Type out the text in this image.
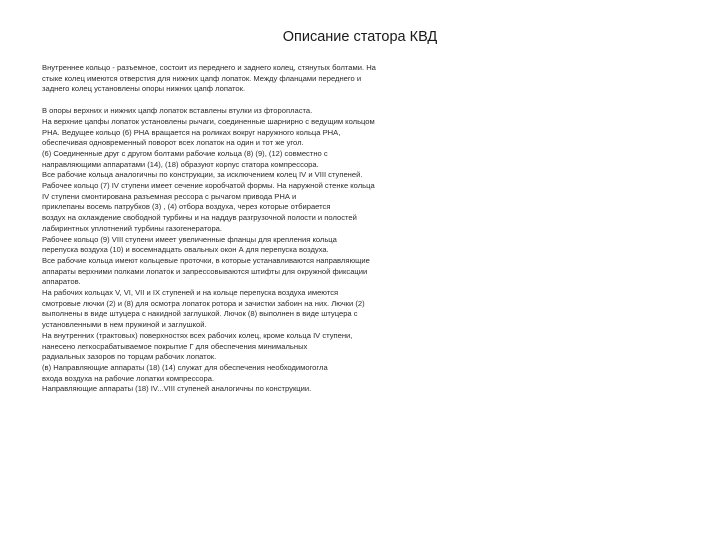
Описание статора КВД

Внутреннее кольцо - разъемное, состоит из переднего и заднего колец, стянутых болтами. На
стыке колец имеются отверстия для нижних цапф лопаток. Между фланцами переднего и
заднего колец установлены опоры нижних цапф лопаток.

В опоры верхних и нижних цапф лопаток вставлены втулки из фторопласта.
На верхние цапфы лопаток установлены рычаги, соединенные шарнирно с ведущим кольцом
РНА. Ведущее кольцо (6) РНА вращается на роликах вокруг наружного кольца РНА,
обеспечивая одновременный поворот всех лопаток на один и тот же угол.
(6) Соединенные друг с другом болтами рабочие кольца (8) (9), (12) совместно с
направляющими аппаратами (14), (18) образуют корпус статора компрессора.
Все рабочие кольца аналогичны по конструкции, за исключением колец IV и VIII ступеней.
Рабочее кольцо (7) IV ступени имеет сечение коробчатой формы. На наружной стенке кольца
IV ступени смонтирована разъемная рессора с рычагом привода РНА и
приклепаны восемь патрубков (3) , (4) отбора воздуха, через которые отбирается
воздух на охлаждение свободной турбины и на наддув разгрузочной полости и полостей
лабиринтных уплотнений турбины газогенератора.
Рабочее кольцо (9) VIII ступени имеет увеличенные фланцы для крепления кольца
перепуска воздуха (10) и восемнадцать овальных окон А для перепуска воздуха.
Все рабочие кольца имеют кольцевые проточки, в которые устанавливаются направляющие
аппараты верхними полками лопаток и запрессовываются штифты для окружной фиксации
аппаратов.
На рабочих кольцах V, VI, VII и IX ступеней и на кольце перепуска воздуха имеются
смотровые лючки (2) и (8) для осмотра лопаток ротора и зачистки забоин на них. Лючки (2)
выполнены в виде штуцера с накидной заглушкой. Лючок (8) выполнен в виде штуцера с
установленными в нем пружиной и заглушкой.
На внутренних (трактовых) поверхностях всех рабочих колец, кроме кольца IV ступени,
нанесено легкосрабатываемое покрытие Г для обеспечения минимальных
радиальных зазоров по торцам рабочих лопаток.
(в) Направляющие аппараты (18) (14) служат для обеспечения необходимогогла
входа воздуха на рабочие лопатки компрессора.
Направляющие аппараты (18) IV...VIII ступеней аналогичны по конструкции.
